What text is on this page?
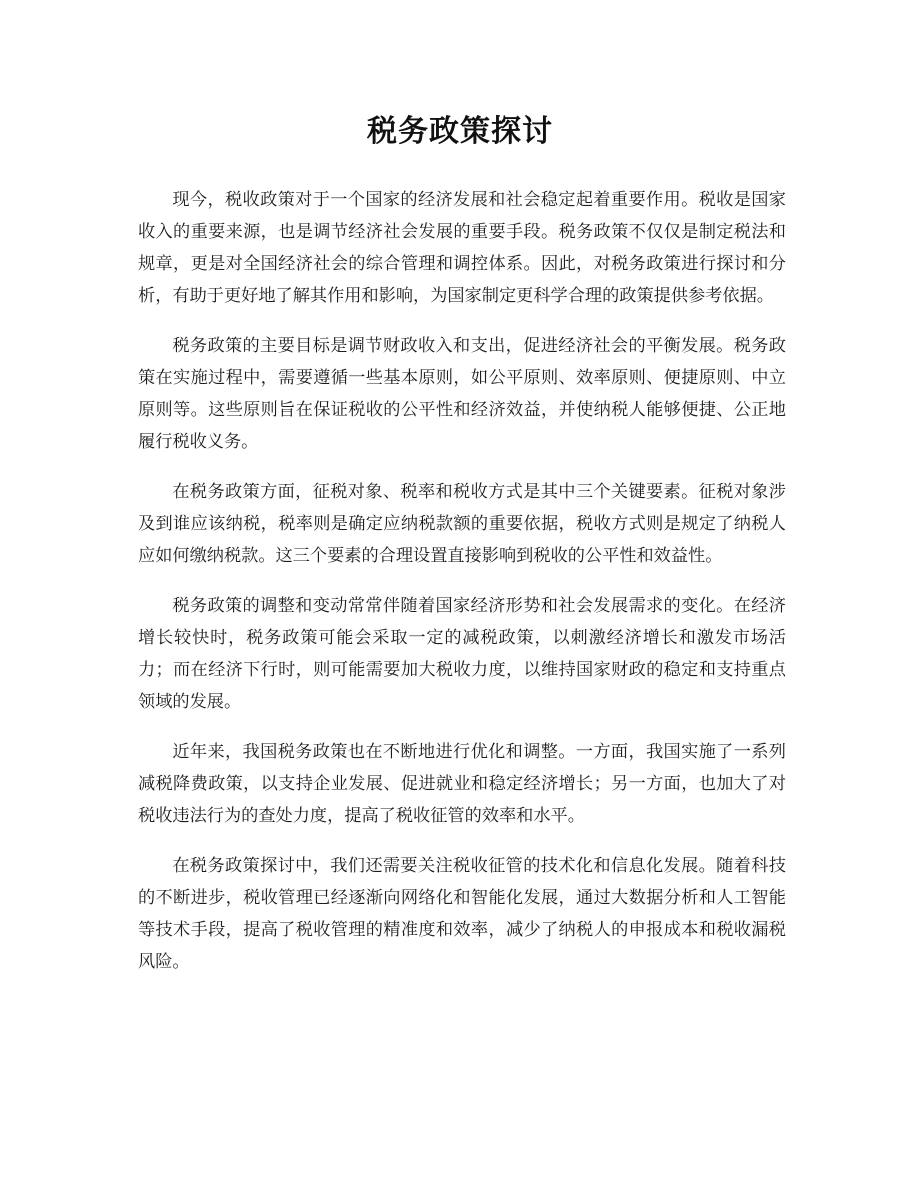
税务政策探讨

现今，税收政策对于一个国家的经济发展和社会稳定起着重要作用。税收是国家收入的重要来源，也是调节经济社会发展的重要手段。税务政策不仅仅是制定税法和规章，更是对全国经济社会的综合管理和调控体系。因此，对税务政策进行探讨和分析，有助于更好地了解其作用和影响，为国家制定更科学合理的政策提供参考依据。

税务政策的主要目标是调节财政收入和支出，促进经济社会的平衡发展。税务政策在实施过程中，需要遵循一些基本原则，如公平原则、效率原则、便捷原则、中立原则等。这些原则旨在保证税收的公平性和经济效益，并使纳税人能够便捷、公正地履行税收义务。

在税务政策方面，征税对象、税率和税收方式是其中三个关键要素。征税对象涉及到谁应该纳税，税率则是确定应纳税款额的重要依据，税收方式则是规定了纳税人应如何缴纳税款。这三个要素的合理设置直接影响到税收的公平性和效益性。

税务政策的调整和变动常常伴随着国家经济形势和社会发展需求的变化。在经济增长较快时，税务政策可能会采取一定的减税政策，以刺激经济增长和激发市场活力；而在经济下行时，则可能需要加大税收力度，以维持国家财政的稳定和支持重点领域的发展。

近年来，我国税务政策也在不断地进行优化和调整。一方面，我国实施了一系列减税降费政策，以支持企业发展、促进就业和稳定经济增长；另一方面，也加大了对税收违法行为的查处力度，提高了税收征管的效率和水平。

在税务政策探讨中，我们还需要关注税收征管的技术化和信息化发展。随着科技的不断进步，税收管理已经逐渐向网络化和智能化发展，通过大数据分析和人工智能等技术手段，提高了税收管理的精准度和效率，减少了纳税人的申报成本和税收漏税风险。
